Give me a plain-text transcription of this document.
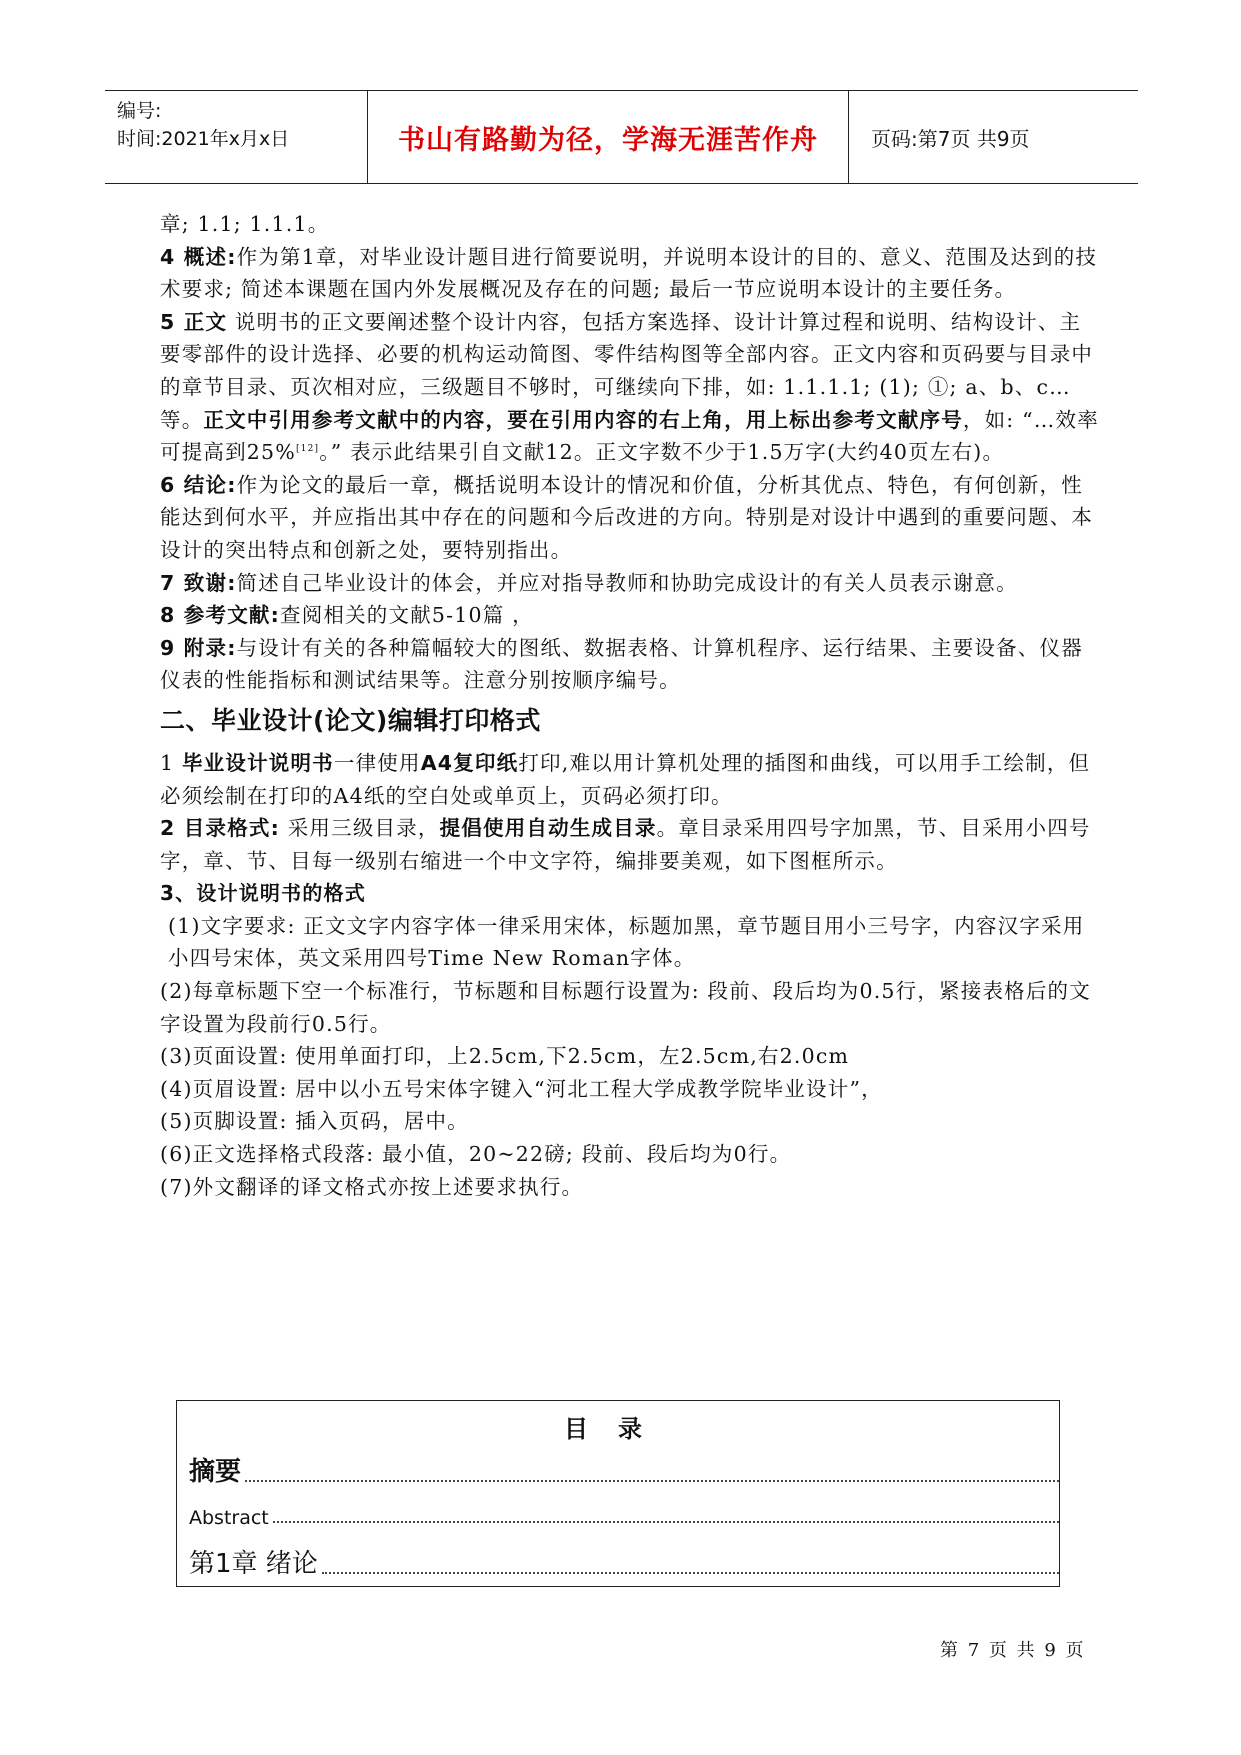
编号:
时间:2021年x月x日	书山有路勤为径，学海无涯苦作舟	页码:第7页 共9页

章; 1.1; 1.1.1。

4 概述:作为第1章，对毕业设计题目进行简要说明，并说明本设计的目的、意义、范围及达到的技术要求; 简述本课题在国内外发展概况及存在的问题; 最后一节应说明本设计的主要任务。

5 正文 说明书的正文要阐述整个设计内容，包括方案选择、设计计算过程和说明、结构设计、主要零部件的设计选择、必要的机构运动简图、零件结构图等全部内容。正文内容和页码要与目录中的章节目录、页次相对应，三级题目不够时，可继续向下排，如: 1.1.1.1; (1); ①; a、b、c…等。正文中引用参考文献中的内容，要在引用内容的右上角，用上标出参考文献序号，如: “…效率可提高到25%[12]。” 表示此结果引自文献12。正文字数不少于1.5万字(大约40页左右)。

6 结论:作为论文的最后一章，概括说明本设计的情况和价值，分析其优点、特色，有何创新，性能达到何水平，并应指出其中存在的问题和今后改进的方向。特别是对设计中遇到的重要问题、本设计的突出特点和创新之处，要特别指出。

7 致谢:简述自己毕业设计的体会，并应对指导教师和协助完成设计的有关人员表示谢意。

8 参考文献:查阅相关的文献5-10篇 ，

9 附录:与设计有关的各种篇幅较大的图纸、数据表格、计算机程序、运行结果、主要设备、仪器仪表的性能指标和测试结果等。注意分别按顺序编号。

二、毕业设计(论文)编辑打印格式

1 毕业设计说明书一律使用A4复印纸打印,难以用计算机处理的插图和曲线，可以用手工绘制，但必须绘制在打印的A4纸的空白处或单页上，页码必须打印。

2 目录格式: 采用三级目录，提倡使用自动生成目录。章目录采用四号字加黑，节、目采用小四号字，章、节、目每一级别右缩进一个中文字符，编排要美观，如下图框所示。

3、设计说明书的格式

(1)文字要求: 正文文字内容字体一律采用宋体，标题加黑，章节题目用小三号字，内容汉字采用小四号宋体，英文采用四号Time New Roman字体。

(2)每章标题下空一个标准行，节标题和目标题行设置为: 段前、段后均为0.5行，紧接表格后的文字设置为段前行0.5行。

(3)页面设置: 使用单面打印，上2.5cm,下2.5cm，左2.5cm,右2.0cm

(4)页眉设置: 居中以小五号宋体字键入“河北工程大学成教学院毕业设计”，

(5)页脚设置: 插入页码，居中。

(6)正文选择格式段落: 最小值，20~22磅; 段前、段后均为0行。

(7)外文翻译的译文格式亦按上述要求执行。

目录
摘要
Abstract
第1章 绪论
第 7 页 共 9 页
